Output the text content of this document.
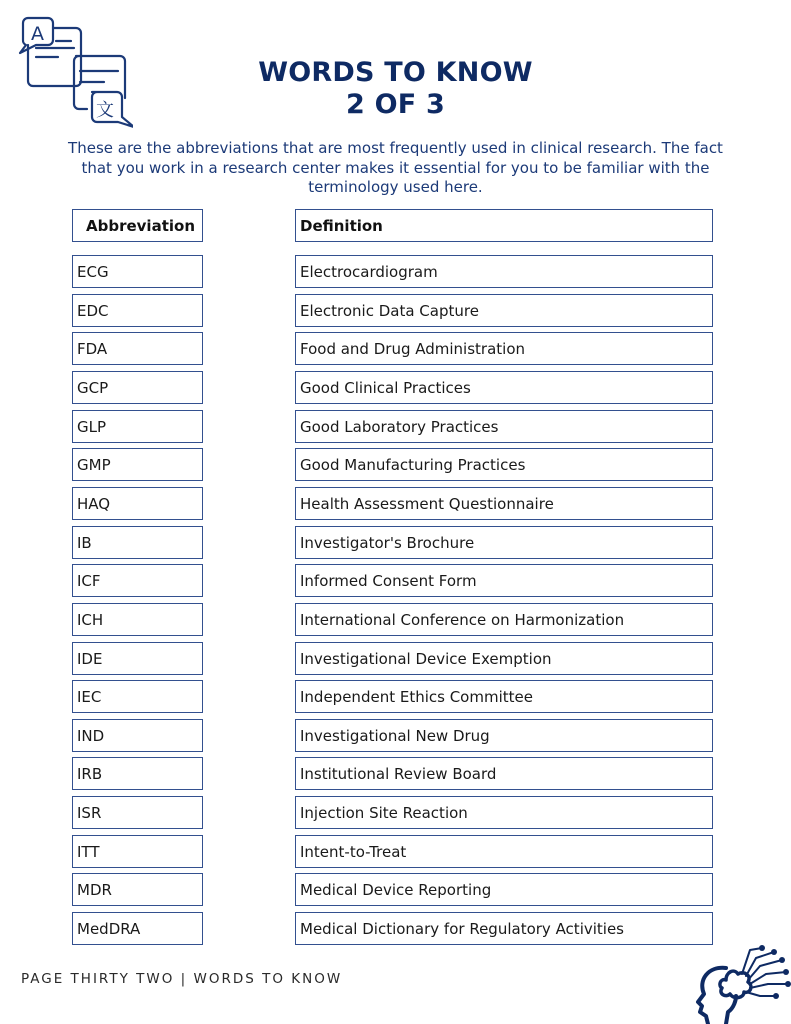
A
文
WORDS TO KNOW
2 OF 3
These are the abbreviations that are most frequently used in clinical research. The fact that you work in a research center makes it essential for you to be familiar with the terminology used here.
Abbreviation	Definition
ECG	Electrocardiogram
EDC	Electronic Data Capture
FDA	Food and Drug Administration
GCP	Good Clinical Practices
GLP	Good Laboratory Practices
GMP	Good Manufacturing Practices
HAQ	Health Assessment Questionnaire
IB	Investigator's Brochure
ICF	Informed Consent Form
ICH	International Conference on Harmonization
IDE	Investigational Device Exemption
IEC	Independent Ethics Committee
IND	Investigational New Drug
IRB	Institutional Review Board
ISR	Injection Site Reaction
ITT	Intent-to-Treat
MDR	Medical Device Reporting
MedDRA	Medical Dictionary for Regulatory Activities
PAGE THIRTY TWO | WORDS TO KNOW
